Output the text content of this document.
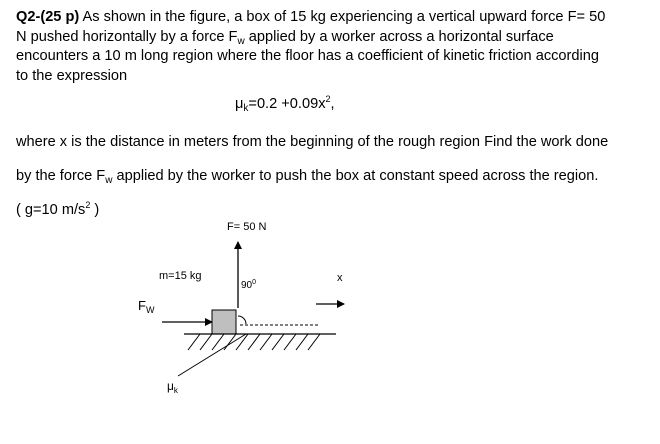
Q2-(25 p) As shown in the figure, a box of 15 kg experiencing a vertical upward force F= 50

N pushed horizontally by a force $F_w$ applied by a worker across a horizontal surface

encounters a 10 m long region where the floor has a coefficient of kinetic friction according

to the expression

$\mu_k=0.2 +0.09x^2$,

where x is the distance in meters from the beginning of the rough region Find the work done

by the force $F_w$ applied by the worker to push the box at constant speed across the region.

( g=10 $m/s^2$ )

F= 50 N
m=15 kg
$90^0$	x
$F_W$
$\mu_k$
